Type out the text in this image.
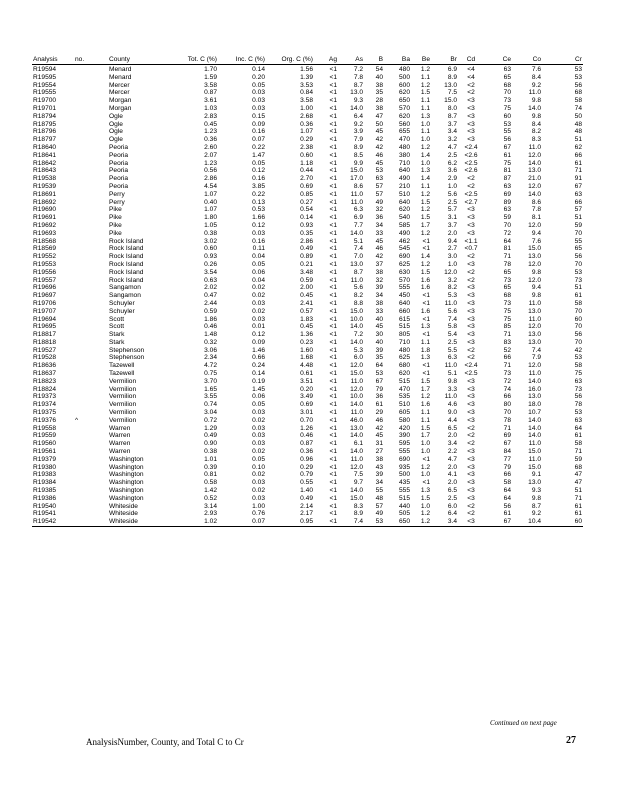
Analysis	no.	County	Tot. C (%)	Inc. C (%)	Org. C (%)	Ag	As	B	Ba	Be	Br	Cd	Ce	Co	Cr
R19594		Menard	1.70	0.14	1.56	<1	7.2	54	480	1.2	6.9	<4	63	7.6	53
R19595		Menard	1.59	0.20	1.39	<1	7.8	40	500	1.1	8.9	<4	65	8.4	53
R19554		Mercer	3.58	0.05	3.53	<1	8.7	38	600	1.2	13.0	<2	68	9.2	56
R19555		Mercer	0.87	0.03	0.84	<1	13.0	35	620	1.5	7.5	<2	70	11.0	68
R19700		Morgan	3.61	0.03	3.58	<1	9.3	28	650	1.1	15.0	<3	73	9.8	58
R19701		Morgan	1.03	0.03	1.00	<1	14.0	38	570	1.1	8.0	<3	75	14.0	74
R18794		Ogle	2.83	0.15	2.68	<1	6.4	47	620	1.3	8.7	<3	60	9.8	50
R18795		Ogle	0.45	0.09	0.36	<1	9.2	50	560	1.0	3.7	<3	53	8.4	48
R18796		Ogle	1.23	0.16	1.07	<1	3.9	45	655	1.1	3.4	<3	55	8.2	48
R18797		Ogle	0.36	0.07	0.29	<1	7.9	42	470	1.0	3.2	<3	56	8.3	51
R18640		Peoria	2.60	0.22	2.38	<1	8.9	42	480	1.2	4.7	<2.4	67	11.0	62
R18641		Peoria	2.07	1.47	0.60	<1	8.5	46	380	1.4	2.5	<2.6	61	12.0	66
R18642		Peoria	1.23	0.05	1.18	<1	9.9	45	710	1.0	6.2	<2.5	75	14.0	61
R18643		Peoria	0.56	0.12	0.44	<1	15.0	53	640	1.3	3.6	<2.6	81	13.0	71
R19538		Peoria	2.86	0.16	2.70	<1	17.0	63	490	1.4	2.9	<2	87	21.0	91
R19539		Peoria	4.54	3.85	0.69	<1	8.6	57	210	1.1	1.0	<2	63	12.0	67
R18691		Perry	1.07	0.22	0.85	<1	11.0	57	510	1.2	5.6	<2.5	69	14.0	63
R18692		Perry	0.40	0.13	0.27	<1	11.0	49	640	1.5	2.5	<2.7	89	8.6	66
R19690		Pike	1.07	0.53	0.54	<1	6.3	32	620	1.2	5.7	<3	63	7.8	57
R19691		Pike	1.80	1.66	0.14	<1	6.9	36	540	1.5	3.1	<3	59	8.1	51
R19692		Pike	1.05	0.12	0.93	<1	7.7	34	585	1.7	3.7	<3	70	12.0	59
R19693		Pike	0.38	0.03	0.35	<1	14.0	33	490	1.2	2.0	<3	72	9.4	70
R18568		Rock Island	3.02	0.16	2.86	<1	5.1	45	462	<1	9.4	<1.1	64	7.6	55
R18569		Rock Island	0.60	0.11	0.49	<1	7.4	46	545	<1	2.7	<0.7	81	15.0	65
R19552		Rock Island	0.93	0.04	0.89	<1	7.0	42	690	1.4	3.0	<2	71	13.0	56
R19553		Rock Island	0.26	0.05	0.21	<1	13.0	37	625	1.2	1.0	<3	78	12.0	70
R19556		Rock Island	3.54	0.06	3.48	<1	8.7	38	630	1.5	12.0	<2	65	9.8	53
R19557		Rock Island	0.63	0.04	0.59	<1	11.0	32	570	1.6	3.2	<2	73	12.0	73
R19696		Sangamon	2.02	0.02	2.00	<1	5.6	39	555	1.6	8.2	<3	65	9.4	51
R19697		Sangamon	0.47	0.02	0.45	<1	8.2	34	450	<1	5.3	<3	68	9.8	61
R19706		Schuyler	2.44	0.03	2.41	<1	8.8	38	640	<1	11.0	<3	73	11.0	58
R19707		Schuyler	0.59	0.02	0.57	<1	15.0	33	660	1.6	5.6	<3	75	13.0	70
R19694		Scott	1.86	0.03	1.83	<1	10.0	40	615	<1	7.4	<3	75	11.0	60
R19695		Scott	0.46	0.01	0.45	<1	14.0	45	515	1.3	5.8	<3	85	12.0	70
R18817		Stark	1.48	0.12	1.36	<1	7.2	30	805	<1	5.4	<3	71	13.0	56
R18818		Stark	0.32	0.09	0.23	<1	14.0	40	710	1.1	2.5	<3	83	13.0	70
R19527		Stephenson	3.06	1.46	1.60	<1	5.3	39	480	1.8	5.5	<2	52	7.4	42
R19528		Stephenson	2.34	0.66	1.68	<1	6.0	35	625	1.3	6.3	<2	66	7.9	53
R18636		Tazewell	4.72	0.24	4.48	<1	12.0	64	680	<1	11.0	<2.4	71	12.0	58
R18637		Tazewell	0.75	0.14	0.61	<1	15.0	53	620	<1	5.1	<2.5	73	11.0	75
R18823		Vermilion	3.70	0.19	3.51	<1	11.0	67	515	1.5	9.8	<3	72	14.0	63
R18824		Vermilion	1.65	1.45	0.20	<1	12.0	79	470	1.7	3.3	<3	74	16.0	73
R19373		Vermilion	3.55	0.06	3.49	<1	10.0	36	535	1.2	11.0	<3	66	13.0	56
R19374		Vermilion	0.74	0.05	0.69	<1	14.0	61	510	1.6	4.6	<3	80	18.0	78
R19375		Vermilion	3.04	0.03	3.01	<1	11.0	29	605	1.1	9.0	<3	70	10.7	53
R19376	^	Vermilion	0.72	0.02	0.70	<1	46.0	46	580	1.1	4.4	<3	78	14.0	63
R19558		Warren	1.29	0.03	1.26	<1	13.0	42	420	1.5	6.5	<2	71	14.0	64
R19559		Warren	0.49	0.03	0.46	<1	14.0	45	390	1.7	2.0	<2	69	14.0	61
R19560		Warren	0.90	0.03	0.87	<1	6.1	31	595	1.0	3.4	<2	67	11.0	58
R19561		Warren	0.38	0.02	0.36	<1	14.0	27	555	1.0	2.2	<3	84	15.0	71
R19379		Washington	1.01	0.05	0.96	<1	11.0	38	690	<1	4.7	<3	77	11.0	59
R19380		Washington	0.39	0.10	0.29	<1	12.0	43	935	1.2	2.0	<3	79	15.0	68
R19383		Washington	0.81	0.02	0.79	<1	7.5	39	500	1.0	4.1	<3	66	9.1	47
R19384		Washington	0.58	0.03	0.55	<1	9.7	34	435	<1	2.0	<3	58	13.0	47
R19385		Washington	1.42	0.02	1.40	<1	14.0	55	555	1.3	6.5	<3	64	9.3	51
R19386		Washington	0.52	0.03	0.49	<1	15.0	48	515	1.5	2.5	<3	64	9.8	71
R19540		Whiteside	3.14	1.00	2.14	<1	8.3	57	440	1.0	6.0	<2	56	8.7	61
R19541		Whiteside	2.93	0.76	2.17	<1	8.9	49	505	1.2	6.4	<2	61	9.2	61
R19542		Whiteside	1.02	0.07	0.95	<1	7.4	53	650	1.2	3.4	<3	67	10.4	60
Continued on next page
AnalysisNumber, County, and Total C to Cr	27
